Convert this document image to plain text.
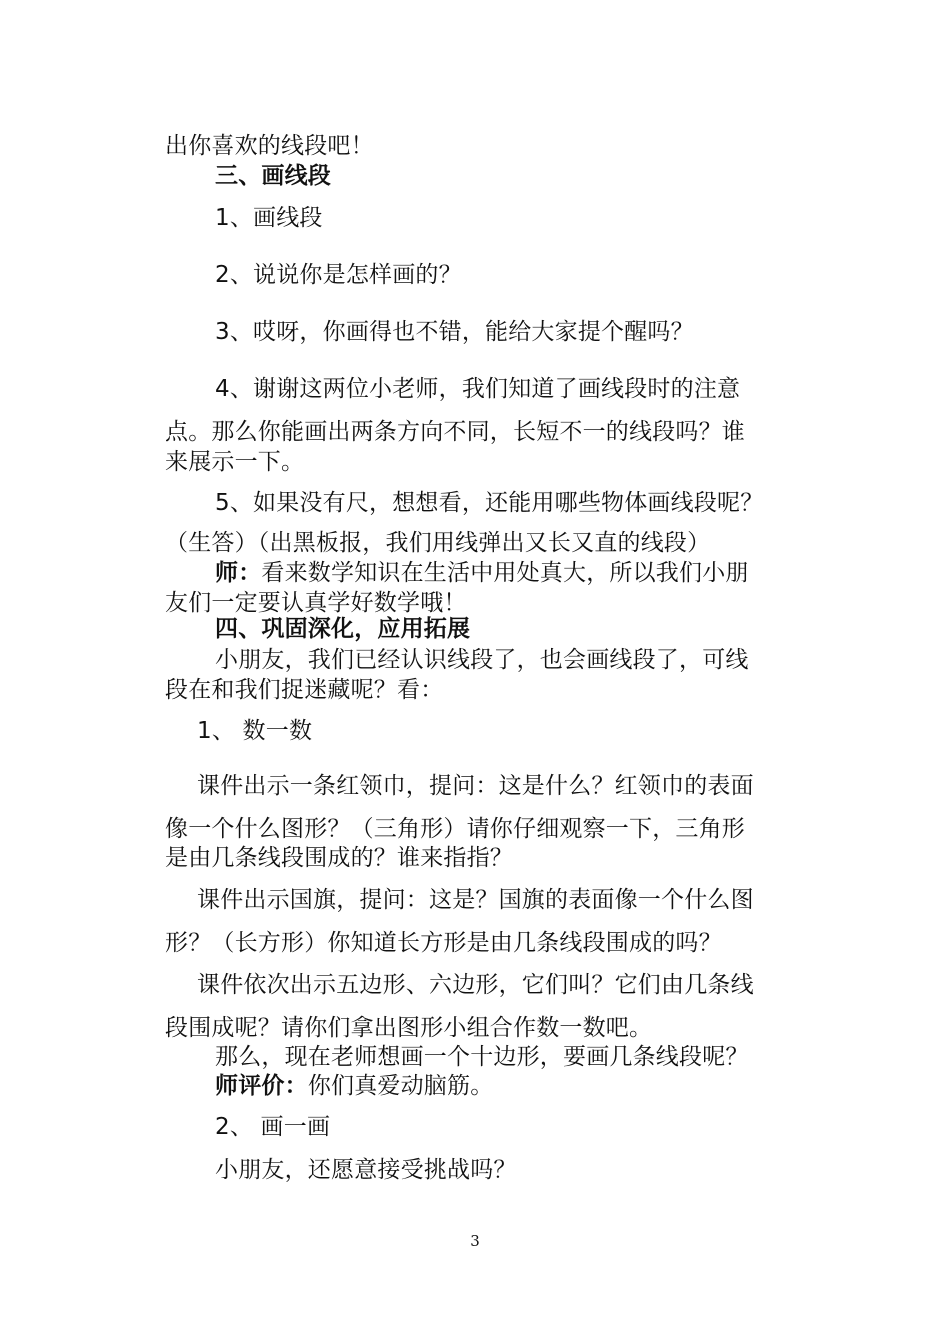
出你喜欢的线段吧！
三、画线段
1、画线段
2、说说你是怎样画的？
3、哎呀，你画得也不错，能给大家提个醒吗？
4、谢谢这两位小老师，我们知道了画线段时的注意
点。那么你能画出两条方向不同，长短不一的线段吗？谁
来展示一下。
5、如果没有尺，想想看，还能用哪些物体画线段呢？
（生答）（出黑板报，我们用线弹出又长又直的线段）
师：看来数学知识在生活中用处真大，所以我们小朋
友们一定要认真学好数学哦！
四、巩固深化，应用拓展
小朋友，我们已经认识线段了，也会画线段了，可线
段在和我们捉迷藏呢？看：
1、 数一数
课件出示一条红领巾，提问：这是什么？红领巾的表面
像一个什么图形？（三角形）请你仔细观察一下，三角形
是由几条线段围成的？谁来指指？
课件出示国旗，提问：这是？国旗的表面像一个什么图
形？（长方形）你知道长方形是由几条线段围成的吗？
课件依次出示五边形、六边形，它们叫？它们由几条线
段围成呢？请你们拿出图形小组合作数一数吧。
那么，现在老师想画一个十边形，要画几条线段呢？
师评价：你们真爱动脑筋。
2、 画一画
小朋友，还愿意接受挑战吗？
3
